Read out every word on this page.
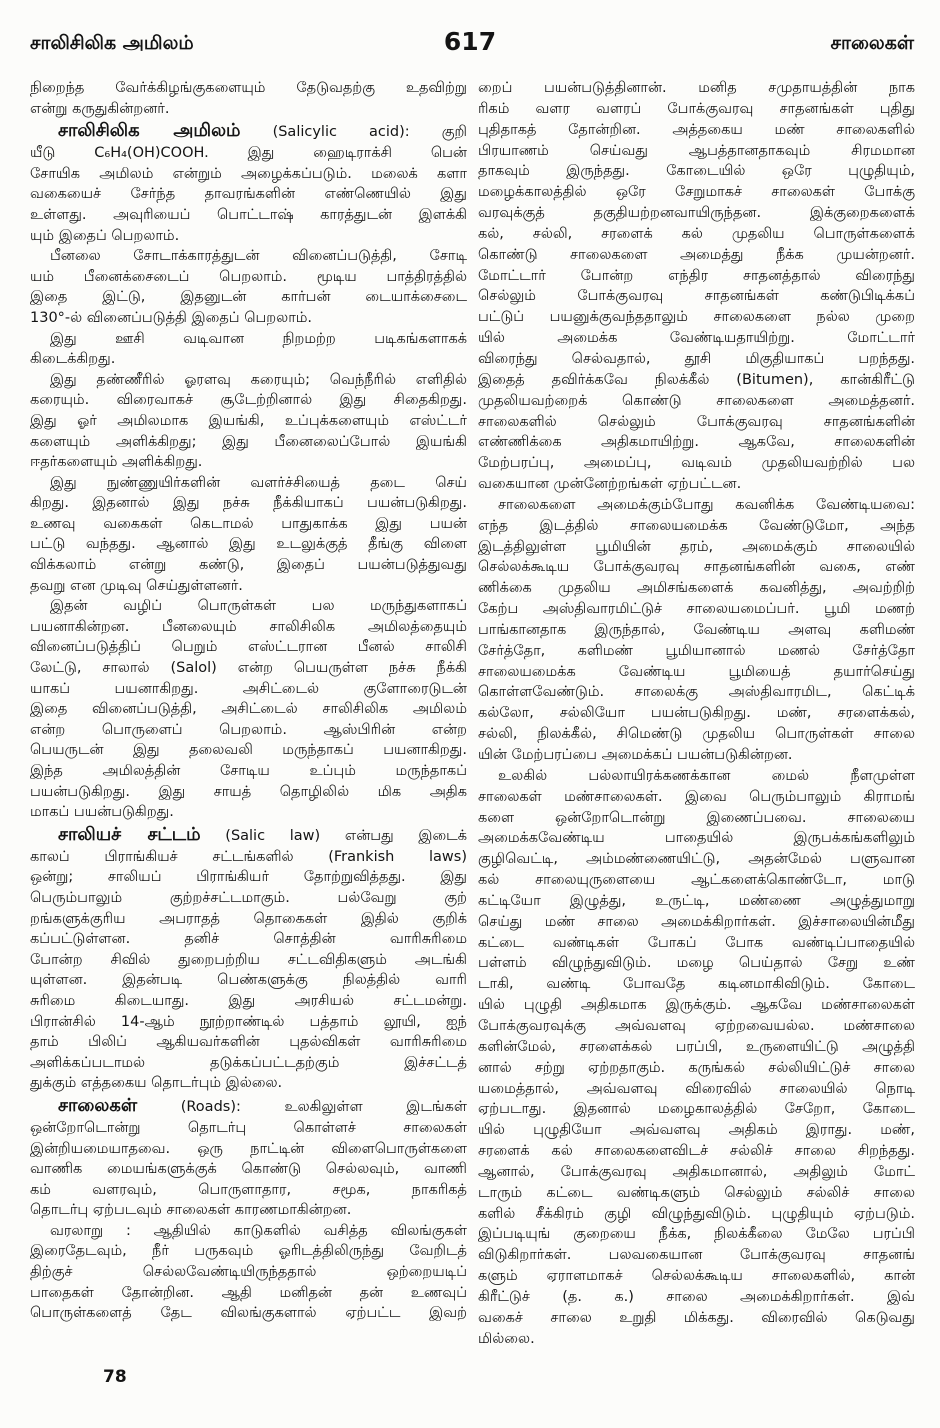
சாலிசிலிக அமிலம்	617	சாலைகள்
நிறைந்த வேர்க்கிழங்குகளையும் தேடுவதற்கு உதவிற்று
என்று கருதுகின்றனர்.
சாலிசிலிக அமிலம் (Salicylic acid): குறி
யீடு C₆H₄(OH)COOH. இது ஹைடிராக்சி பென்
சோயிக அமிலம் என்றும் அழைக்கப்படும். மலைக் களா
வகையைச் சேர்ந்த தாவரங்களின் எண்ணெயில் இது
உள்ளது. அவுரியைப் பொட்டாஷ் காரத்துடன் இளக்கி
யும் இதைப் பெறலாம்.
பீனலை சோடாக்காரத்துடன் வினைப்படுத்தி, சோடி
யம் பீனைக்சைடைப் பெறலாம். மூடிய பாத்திரத்தில்
இதை இட்டு, இதனுடன் கார்பன் டையாக்சைடை
130°-ல் வினைப்படுத்தி இதைப் பெறலாம்.
இது ஊசி வடிவான நிறமற்ற படிகங்களாகக்
கிடைக்கிறது.
இது தண்ணீரில் ஓரளவு கரையும்; வெந்நீரில் எளிதில்
கரையும். விரைவாகச் சூடேற்றினால் இது சிதைகிறது.
இது ஓர் அமிலமாக இயங்கி, உப்புக்களையும் எஸ்ட்டர்
களையும் அளிக்கிறது; இது பீனைலைப்போல் இயங்கி
ஈதர்களையும் அளிக்கிறது.
இது நுண்ணுயிர்களின் வளர்ச்சியைத் தடை செய்
கிறது. இதனால் இது நச்சு நீக்கியாகப் பயன்படுகிறது.
உணவு வகைகள் கெடாமல் பாதுகாக்க இது பயன்
பட்டு வந்தது. ஆனால் இது உடலுக்குத் தீங்கு விளை
விக்கலாம் என்று கண்டு, இதைப் பயன்படுத்துவது
தவறு என முடிவு செய்துள்ளனர்.
இதன் வழிப் பொருள்கள் பல மருந்துகளாகப்
பயனாகின்றன. பீனலையும் சாலிசிலிக அமிலத்தையும்
வினைப்படுத்திப் பெறும் எஸ்ட்டரான பீனல் சாலிசி
லேட்டு, சாலால் (Salol) என்ற பெயருள்ள நச்சு நீக்கி
யாகப் பயனாகிறது. அசிட்டைல் குளோரைடுடன்
இதை வினைப்படுத்தி, அசிட்டைல் சாலிசிலிக அமிலம்
என்ற பொருளைப் பெறலாம். ஆஸ்பிரின் என்ற
பெயருடன் இது தலைவலி மருந்தாகப் பயனாகிறது.
இந்த அமிலத்தின் சோடிய உப்பும் மருந்தாகப்
பயன்படுகிறது. இது சாயத் தொழிலில் மிக அதிக
மாகப் பயன்படுகிறது.
சாலியச் சட்டம் (Salic law) என்பது இடைக்
காலப் பிராங்கியச் சட்டங்களில் (Frankish laws)
ஒன்று; சாலியப் பிராங்கியர் தோற்றுவித்தது. இது
பெரும்பாலும் குற்றச்சட்டமாகும். பல்வேறு குற்
றங்களுக்குரிய அபராதத் தொகைகள் இதில் குறிக்
கப்பட்டுள்ளன. தனிச் சொத்தின் வாரிசுரிமை
போன்ற சிவில் துறைபற்றிய சட்டவிதிகளும் அடங்கி
யுள்ளன. இதன்படி பெண்களுக்கு நிலத்தில் வாரி
சுரிமை கிடையாது. இது அரசியல் சட்டமன்று.
பிரான்சில் 14-ஆம் நூற்றாண்டில் பத்தாம் லூயி, ஐந்
தாம் பிலிப் ஆகியவர்களின் புதல்விகள் வாரிசுரிமை
அளிக்கப்படாமல் தடுக்கப்பட்டதற்கும் இச்சட்டத்
துக்கும் எத்தகைய தொடர்பும் இல்லை.
சாலைகள் (Roads): உலகிலுள்ள இடங்கள்
ஒன்றோடொன்று தொடர்பு கொள்ளச் சாலைகள்
இன்றியமையாதவை. ஒரு நாட்டின் விளைபொருள்களை
வாணிக மையங்களுக்குக் கொண்டு செல்லவும், வாணி
கம் வளரவும், பொருளாதார, சமூக, நாகரிகத்
தொடர்பு ஏற்படவும் சாலைகள் காரணமாகின்றன.
வரலாறு : ஆதியில் காடுகளில் வசித்த விலங்குகள்
இரைதேடவும், நீர் பருகவும் ஓரிடத்திலிருந்து வேறிடத்
திற்குச் செல்லவேண்டியிருந்ததால் ஒற்றையடிப்
பாதைகள் தோன்றின. ஆதி மனிதன் தன் உணவுப்
பொருள்களைத் தேட விலங்குகளால் ஏற்பட்ட இவற்
றைப் பயன்படுத்தினான். மனித சமுதாயத்தின் நாக
ரிகம் வளர வளரப் போக்குவரவு சாதனங்கள் புதிது
புதிதாகத் தோன்றின. அத்தகைய மண் சாலைகளில்
பிரயாணம் செய்வது ஆபத்தானதாகவும் சிரமமான
தாகவும் இருந்தது. கோடையில் ஒரே புழுதியும்,
மழைக்காலத்தில் ஒரே சேறுமாகச் சாலைகள் போக்கு
வரவுக்குத் தகுதியற்றனவாயிருந்தன. இக்குறைகளைக்
கல், சல்லி, சரளைக் கல் முதலிய பொருள்களைக்
கொண்டு சாலைகளை அமைத்து நீக்க முயன்றனர்.
மோட்டார் போன்ற எந்திர சாதனத்தால் விரைந்து
செல்லும் போக்குவரவு சாதனங்கள் கண்டுபிடிக்கப்
பட்டுப் பயனுக்குவந்ததாலும் சாலைகளை நல்ல முறை
யில் அமைக்க வேண்டியதாயிற்று. மோட்டார்
விரைந்து செல்வதால், தூசி மிகுதியாகப் பறந்தது.
இதைத் தவிர்க்கவே நிலக்கீல் (Bitumen), கான்கிரீட்டு
முதலியவற்றைக் கொண்டு சாலைகளை அமைத்தனர்.
சாலைகளில் செல்லும் போக்குவரவு சாதனங்களின்
எண்ணிக்கை அதிகமாயிற்று. ஆகவே, சாலைகளின்
மேற்பரப்பு, அமைப்பு, வடிவம் முதலியவற்றில் பல
வகையான முன்னேற்றங்கள் ஏற்பட்டன.
சாலைகளை அமைக்கும்போது கவனிக்க வேண்டியவை:
எந்த இடத்தில் சாலையமைக்க வேண்டுமோ, அந்த
இடத்திலுள்ள பூமியின் தரம், அமைக்கும் சாலையில்
செல்லக்கூடிய போக்குவரவு சாதனங்களின் வகை, எண்
ணிக்கை முதலிய அமிசங்களைக் கவனித்து, அவற்றிற்
கேற்ப அஸ்திவாரமிட்டுச் சாலையமைப்பர். பூமி மணற்
பாங்கானதாக இருந்தால், வேண்டிய அளவு களிமண்
சேர்த்தோ, களிமண் பூமியானால் மணல் சேர்த்தோ
சாலையமைக்க வேண்டிய பூமியைத் தயார்செய்து
கொள்ளவேண்டும். சாலைக்கு அஸ்திவாரமிட, கெட்டிக்
கல்லோ, சல்லியோ பயன்படுகிறது. மண், சரளைக்கல்,
சல்லி, நிலக்கீல், சிமெண்டு முதலிய பொருள்கள் சாலை
யின் மேற்பரப்பை அமைக்கப் பயன்படுகின்றன.
உலகில் பல்லாயிரக்கணக்கான மைல் நீளமுள்ள
சாலைகள் மண்சாலைகள். இவை பெரும்பாலும் கிராமங்
களை ஒன்றோடொன்று இணைப்பவை. சாலையை
அமைக்கவேண்டிய பாதையில் இருபக்கங்களிலும்
குழிவெட்டி, அம்மண்ணையிட்டு, அதன்மேல் பளுவான
கல் சாலையுருளையை ஆட்களைக்கொண்டோ, மாடு
கட்டியோ இழுத்து, உருட்டி, மண்ணை அழுத்துமாறு
செய்து மண் சாலை அமைக்கிறார்கள். இச்சாலையின்மீது
கட்டை வண்டிகள் போகப் போக வண்டிப்பாதையில்
பள்ளம் விழுந்துவிடும். மழை பெய்தால் சேறு உண்
டாகி, வண்டி போவதே கடினமாகிவிடும். கோடை
யில் புழுதி அதிகமாக இருக்கும். ஆகவே மண்சாலைகள்
போக்குவரவுக்கு அவ்வளவு ஏற்றவையல்ல. மண்சாலை
களின்மேல், சரளைக்கல் பரப்பி, உருளையிட்டு அழுத்தி
னால் சற்று ஏற்றதாகும். கருங்கல் சல்லியிட்டுச் சாலை
யமைத்தால், அவ்வளவு விரைவில் சாலையில் நொடி
ஏற்படாது. இதனால் மழைகாலத்தில் சேறோ, கோடை
யில் புழுதியோ அவ்வளவு அதிகம் இராது. மண்,
சரளைக் கல் சாலைகளைவிடச் சல்லிச் சாலை சிறந்தது.
ஆனால், போக்குவரவு அதிகமானால், அதிலும் மோட்
டாரும் கட்டை வண்டிகளும் செல்லும் சல்லிச் சாலை
களில் சீக்கிரம் குழி விழுந்துவிடும். புழுதியும் ஏற்படும்.
இப்படியுங் குறையை நீக்க, நிலக்கீலை மேலே பரப்பி
விடுகிறார்கள். பலவகையான போக்குவரவு சாதனங்
களும் ஏராளமாகச் செல்லக்கூடிய சாலைகளில், கான்
கிரீட்டுச் (த. க.) சாலை அமைக்கிறார்கள். இவ்
வகைச் சாலை உறுதி மிக்கது. விரைவில் கெடுவது
மில்லை.
78
